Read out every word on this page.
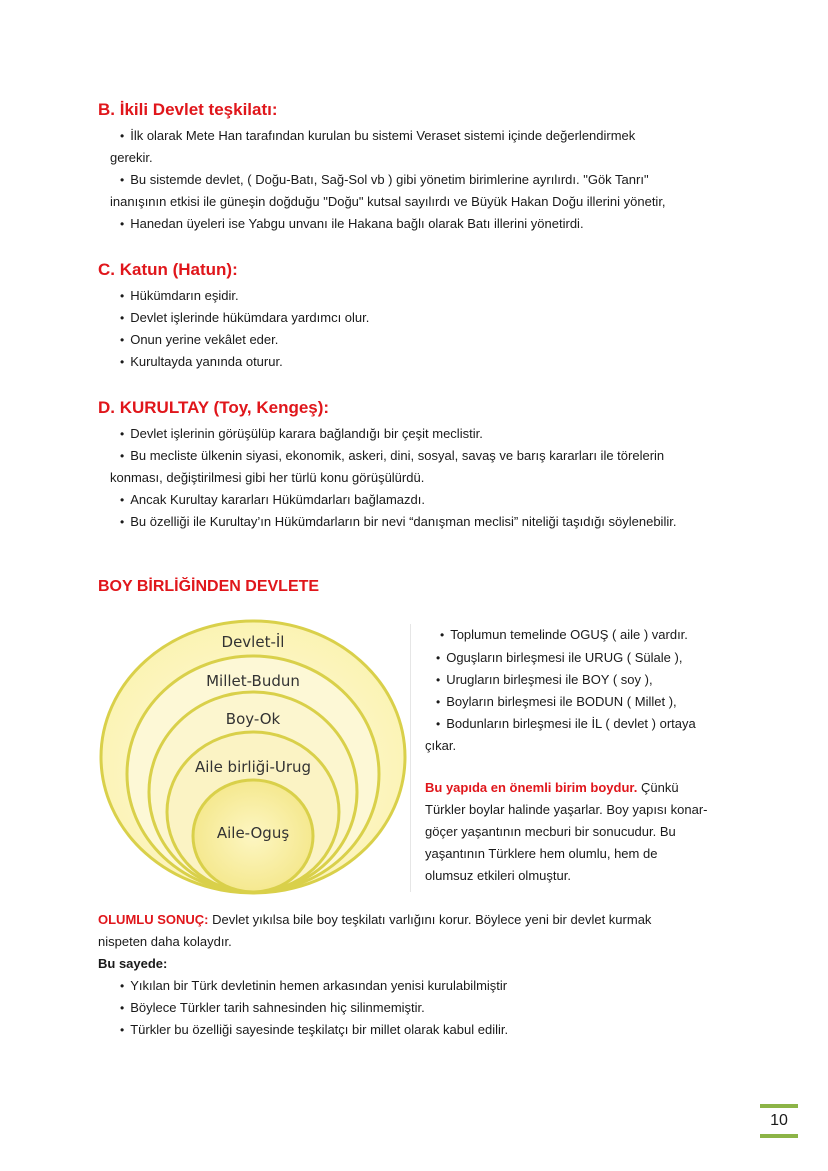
B. İkili Devlet teşkilatı:

• İlk olarak Mete Han tarafından kurulan bu sistemi Veraset sistemi içinde değerlendirmek

gerekir.

• Bu sistemde devlet, ( Doğu-Batı, Sağ-Sol vb ) gibi yönetim birimlerine ayrılırdı. "Gök Tanrı"

inanışının etkisi ile güneşin doğduğu "Doğu" kutsal sayılırdı ve Büyük Hakan Doğu illerini yönetir,

• Hanedan üyeleri ise Yabgu unvanı ile Hakana bağlı olarak Batı illerini yönetirdi.

C. Katun (Hatun):

• Hükümdarın eşidir.

• Devlet işlerinde hükümdara yardımcı olur.

• Onun yerine vekâlet eder.

• Kurultayda yanında oturur.

D. KURULTAY (Toy, Kengeş):

• Devlet işlerinin görüşülüp karara bağlandığı bir çeşit meclistir.

• Bu mecliste ülkenin siyasi, ekonomik, askeri, dini, sosyal, savaş ve barış kararları ile törelerin

konması, değiştirilmesi gibi her türlü konu görüşülürdü.

• Ancak Kurultay kararları Hükümdarları bağlamazdı.

• Bu özelliği ile Kurultay’ın Hükümdarların bir nevi “danışman meclisi” niteliği taşıdığı söylenebilir.

BOY BİRLİĞİNDEN DEVLETE
Devlet-İl
Millet-Budun
Boy-Ok
Aile birliği-Urug
Aile-Oguş

• Toplumun temelinde OGUŞ ( aile ) vardır.

• Oguşların birleşmesi ile URUG ( Sülale ),

• Urugların birleşmesi ile BOY ( soy ),

• Boyların birleşmesi ile BODUN ( Millet ),

• Bodunların birleşmesi ile İL ( devlet ) ortaya

çıkar.

Bu yapıda en önemli birim boydur. Çünkü

Türkler boylar halinde yaşarlar. Boy yapısı konar-

göçer yaşantının mecburi bir sonucudur. Bu

yaşantının Türklere hem olumlu, hem de

olumsuz etkileri olmuştur.

OLUMLU SONUÇ: Devlet yıkılsa bile boy teşkilatı varlığını korur. Böylece yeni bir devlet kurmak

nispeten daha kolaydır.

Bu sayede:

• Yıkılan bir Türk devletinin hemen arkasından yenisi kurulabilmiştir

• Böylece Türkler tarih sahnesinden hiç silinmemiştir.

• Türkler bu özelliği sayesinde teşkilatçı bir millet olarak kabul edilir.

10
